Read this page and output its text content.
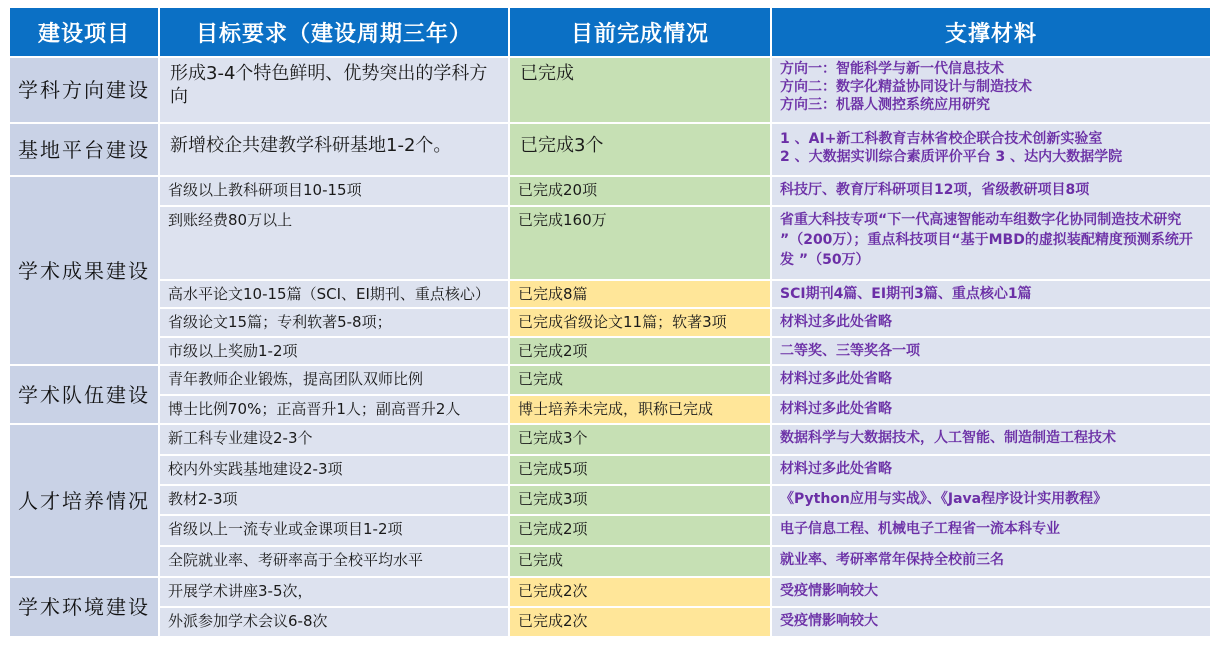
建设项目	目标要求（建设周期三年）	目前完成情况	支撑材料
学科方向建设	形成3-4个特色鲜明、优势突出的学科方向	已完成	方向一：智能科学与新一代信息技术
方向二：数字化精益协同设计与制造技术
方向三：机器人测控系统应用研究
基地平台建设	新增校企共建教学科研基地1-2个。	已完成3个	1 、AI+新工科教育吉林省校企联合技术创新实验室
2 、大数据实训综合素质评价平台 3 、达内大数据学院
学术成果建设	省级以上教科研项目10-15项	已完成20项	科技厅、教育厅科研项目12项，省级教研项目8项
	到账经费80万以上	已完成160万	省重大科技专项“下一代高速智能动车组数字化协同制造技术研究 ”（200万）；重点科技项目“基于MBD的虚拟装配精度预测系统开发 ”（50万）
	高水平论文10-15篇（SCI、EI期刊、重点核心）	已完成8篇	SCI期刊4篇、EI期刊3篇、重点核心1篇
	省级论文15篇；专利软著5-8项；	已完成省级论文11篇；软著3项	材料过多此处省略
	市级以上奖励1-2项	已完成2项	二等奖、三等奖各一项
学术队伍建设	青年教师企业锻炼，提高团队双师比例	已完成	材料过多此处省略
	博士比例70%；正高晋升1人；副高晋升2人	博士培养未完成，职称已完成	材料过多此处省略
人才培养情况	新工科专业建设2-3个	已完成3个	数据科学与大数据技术，人工智能、制造制造工程技术
	校内外实践基地建设2-3项	已完成5项	材料过多此处省略
	教材2-3项	已完成3项	《Python应用与实战》、《Java程序设计实用教程》
	省级以上一流专业或金课项目1-2项	已完成2项	电子信息工程、机械电子工程省一流本科专业
	全院就业率、考研率高于全校平均水平	已完成	就业率、考研率常年保持全校前三名
学术环境建设	开展学术讲座3-5次，	已完成2次	受疫情影响较大
	外派参加学术会议6-8次	已完成2次	受疫情影响较大
